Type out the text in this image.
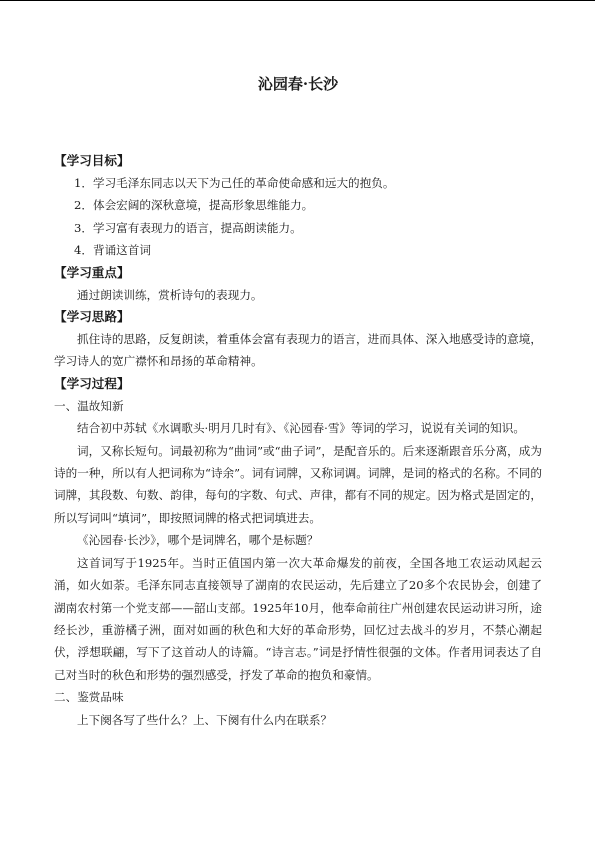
沁园春·长沙
【学习目标】
1．学习毛泽东同志以天下为己任的革命使命感和远大的抱负。
2．体会宏阔的深秋意境，提高形象思维能力。
3．学习富有表现力的语言，提高朗读能力。
4．背诵这首词
【学习重点】
通过朗读训练，赏析诗句的表现力。
【学习思路】
抓住诗的思路，反复朗读，着重体会富有表现力的语言，进而具体、深入地感受诗的意境，学习诗人的宽广襟怀和昂扬的革命精神。
【学习过程】
一、温故知新
结合初中苏轼《水调歌头·明月几时有》、《沁园春·雪》等词的学习，说说有关词的知识。
词，又称长短句。词最初称为“曲词”或“曲子词”，是配音乐的。后来逐渐跟音乐分离，成为诗的一种，所以有人把词称为“诗余”。词有词牌，又称词调。词牌，是词的格式的名称。不同的词牌，其段数、句数、韵律，每句的字数、句式、声律，都有不同的规定。因为格式是固定的，所以写词叫“填词”，即按照词牌的格式把词填进去。
《沁园春·长沙》，哪个是词牌名，哪个是标题？
这首词写于1925年。当时正值国内第一次大革命爆发的前夜，全国各地工农运动风起云涌，如火如荼。毛泽东同志直接领导了湖南的农民运动，先后建立了20多个农民协会，创建了湖南农村第一个党支部——韶山支部。1925年10月，他奉命前往广州创建农民运动讲习所，途经长沙，重游橘子洲，面对如画的秋色和大好的革命形势，回忆过去战斗的岁月，不禁心潮起伏，浮想联翩，写下了这首动人的诗篇。“诗言志。”词是抒情性很强的文体。作者用词表达了自己对当时的秋色和形势的强烈感受，抒发了革命的抱负和豪情。
二、鉴赏品味
上下阕各写了些什么？上、下阕有什么内在联系？
